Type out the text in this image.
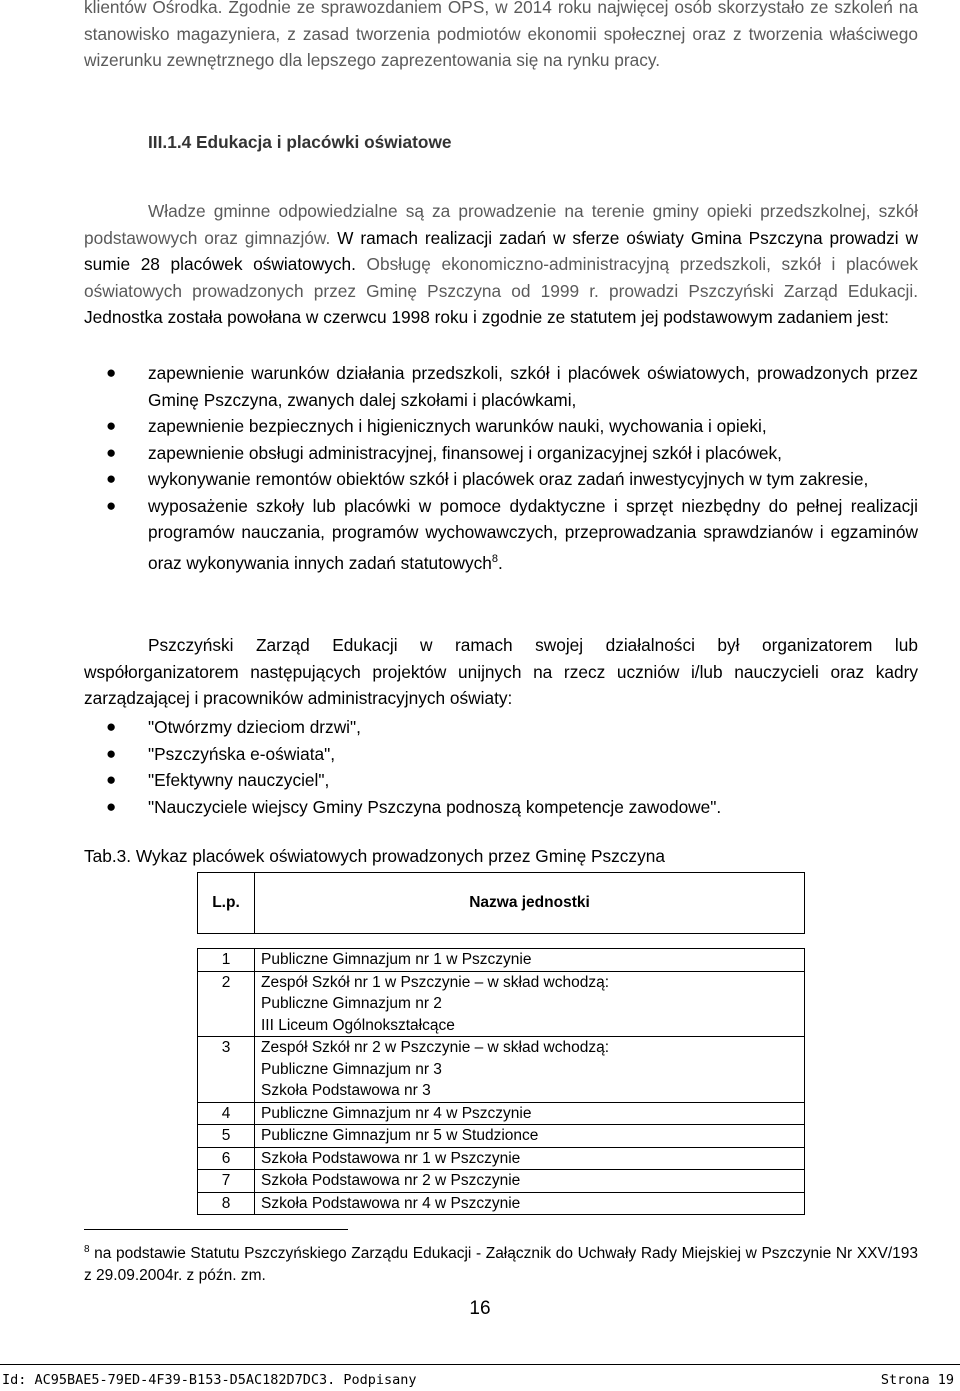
klientów Ośrodka. Zgodnie ze sprawozdaniem OPS, w 2014 roku najwięcej osób skorzystało ze szkoleń na stanowisko magazyniera, z zasad tworzenia podmiotów ekonomii społecznej oraz z tworzenia właściwego wizerunku zewnętrznego dla lepszego zaprezentowania się na rynku pracy.

III.1.4 Edukacja i placówki oświatowe

Władze gminne odpowiedzialne są za prowadzenie na terenie gminy opieki przedszkolnej, szkół podstawowych oraz gimnazjów. W ramach realizacji zadań w sferze oświaty Gmina Pszczyna prowadzi w sumie 28 placówek oświatowych. Obsługę ekonomiczno-administracyjną przedszkoli, szkół i placówek oświatowych prowadzonych przez Gminę Pszczyna od 1999 r. prowadzi Pszczyński Zarząd Edukacji. Jednostka została powołana w czerwcu 1998 roku i zgodnie ze statutem jej podstawowym zadaniem jest:

● zapewnienie warunków działania przedszkoli, szkół i placówek oświatowych, prowadzonych przez Gminę Pszczyna, zwanych dalej szkołami i placówkami,
● zapewnienie bezpiecznych i higienicznych warunków nauki, wychowania i opieki,
● zapewnienie obsługi administracyjnej, finansowej i organizacyjnej szkół i placówek,
● wykonywanie remontów obiektów szkół i placówek oraz zadań inwestycyjnych w tym zakresie,
● wyposażenie szkoły lub placówki w pomoce dydaktyczne i sprzęt niezbędny do pełnej realizacji programów nauczania, programów wychowawczych, przeprowadzania sprawdzianów i egzaminów oraz wykonywania innych zadań statutowych$^8$.

Pszczyński Zarząd Edukacji w ramach swojej działalności był organizatorem lub współorganizatorem następujących projektów unijnych na rzecz uczniów i/lub nauczycieli oraz kadry zarządzającej i pracowników administracyjnych oświaty:

● "Otwórzmy dzieciom drzwi",
● "Pszczyńska e-oświata",
● "Efektywny nauczyciel",
● "Nauczyciele wiejscy Gminy Pszczyna podnoszą kompetencje zawodowe".

Tab.3. Wykaz placówek oświatowych prowadzonych przez Gminę Pszczyna

L.p.	Nazwa jednostki

1	Publiczne Gimnazjum nr 1 w Pszczynie

2	Zespół Szkół nr 1 w Pszczynie – w skład wchodzą:
Publiczne Gimnazjum nr 2
III Liceum Ogólnokształcące

3	Zespół Szkół nr 2 w Pszczynie – w skład wchodzą:
Publiczne Gimnazjum nr 3
Szkoła Podstawowa nr 3

4	Publiczne Gimnazjum nr 4 w Pszczynie

5	Publiczne Gimnazjum nr 5 w Studzionce

6	Szkoła Podstawowa nr 1 w Pszczynie

7	Szkoła Podstawowa nr 2 w Pszczynie

8	Szkoła Podstawowa nr 4 w Pszczynie

$^8$ na podstawie Statutu Pszczyńskiego Zarządu Edukacji - Załącznik do Uchwały Rady Miejskiej w Pszczynie Nr XXV/193 z 29.09.2004r. z późn. zm.

16
Id: AC95BAE5-79ED-4F39-B153-D5AC182D7DC3. Podpisany	Strona 19
